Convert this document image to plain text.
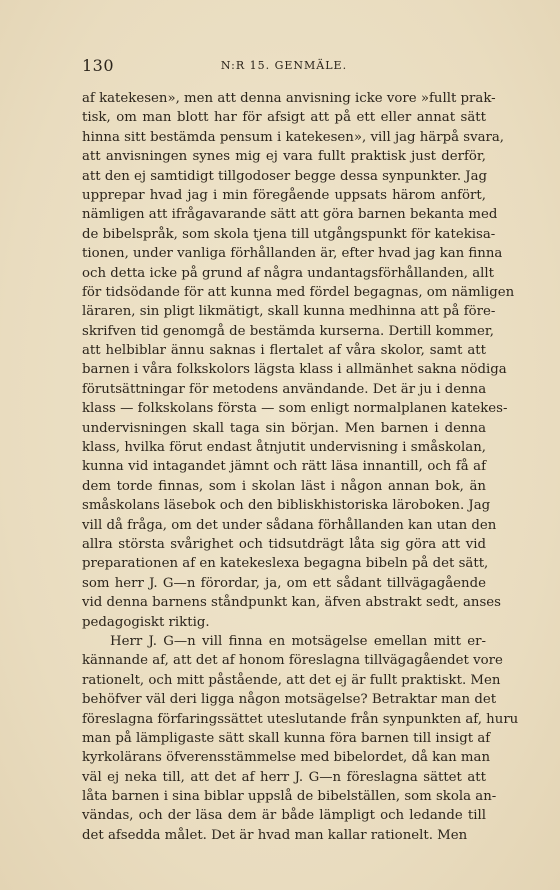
130	N:R 15. GENMÄLE.
af katekesen», men att denna anvisning icke vore »fullt prak-
tisk, om man blott har för afsigt att på ett eller annat sätt
hinna sitt bestämda pensum i katekesen», vill jag härpå svara,
att anvisningen synes mig ej vara fullt praktisk just derför,
att den ej samtidigt tillgodoser begge dessa synpunkter. Jag
upprepar hvad jag i min föregående uppsats härom anfört,
nämligen att ifrågavarande sätt att göra barnen bekanta med
de bibelspråk, som skola tjena till utgångspunkt för katekisa-
tionen, under vanliga förhållanden är, efter hvad jag kan finna
och detta icke på grund af några undantagsförhållanden, allt
för tidsödande för att kunna med fördel begagnas, om nämligen
läraren, sin pligt likmätigt, skall kunna medhinna att på före-
skrifven tid genomgå de bestämda kurserna. Dertill kommer,
att helbiblar ännu saknas i flertalet af våra skolor, samt att
barnen i våra folkskolors lägsta klass i allmänhet sakna nödiga
förutsättningar för metodens användande. Det är ju i denna
klass — folkskolans första — som enligt normalplanen katekes-
undervisningen skall taga sin början. Men barnen i denna
klass, hvilka förut endast åtnjutit undervisning i småskolan,
kunna vid intagandet jämnt och rätt läsa innantill, och få af
dem torde finnas, som i skolan läst i någon annan bok, än
småskolans läsebok och den bibliskhistoriska läroboken. Jag
vill då fråga, om det under sådana förhållanden kan utan den
allra största svårighet och tidsutdrägt låta sig göra att vid
preparationen af en katekeslexa begagna bibeln på det sätt,
som herr J. G—n förordar, ja, om ett sådant tillvägagående
vid denna barnens ståndpunkt kan, äfven abstrakt sedt, anses
pedagogiskt riktig.
Herr J. G—n vill finna en motsägelse emellan mitt er-
kännande af, att det af honom föreslagna tillvägagåendet vore
rationelt, och mitt påstående, att det ej är fullt praktiskt. Men
behöfver väl deri ligga någon motsägelse? Betraktar man det
föreslagna förfaringssättet uteslutande från synpunkten af, huru
man på lämpligaste sätt skall kunna föra barnen till insigt af
kyrkolärans öfverensstämmelse med bibelordet, då kan man
väl ej neka till, att det af herr J. G—n föreslagna sättet att
låta barnen i sina biblar uppslå de bibelställen, som skola an-
vändas, och der läsa dem är både lämpligt och ledande till
det afsedda målet. Det är hvad man kallar rationelt. Men
